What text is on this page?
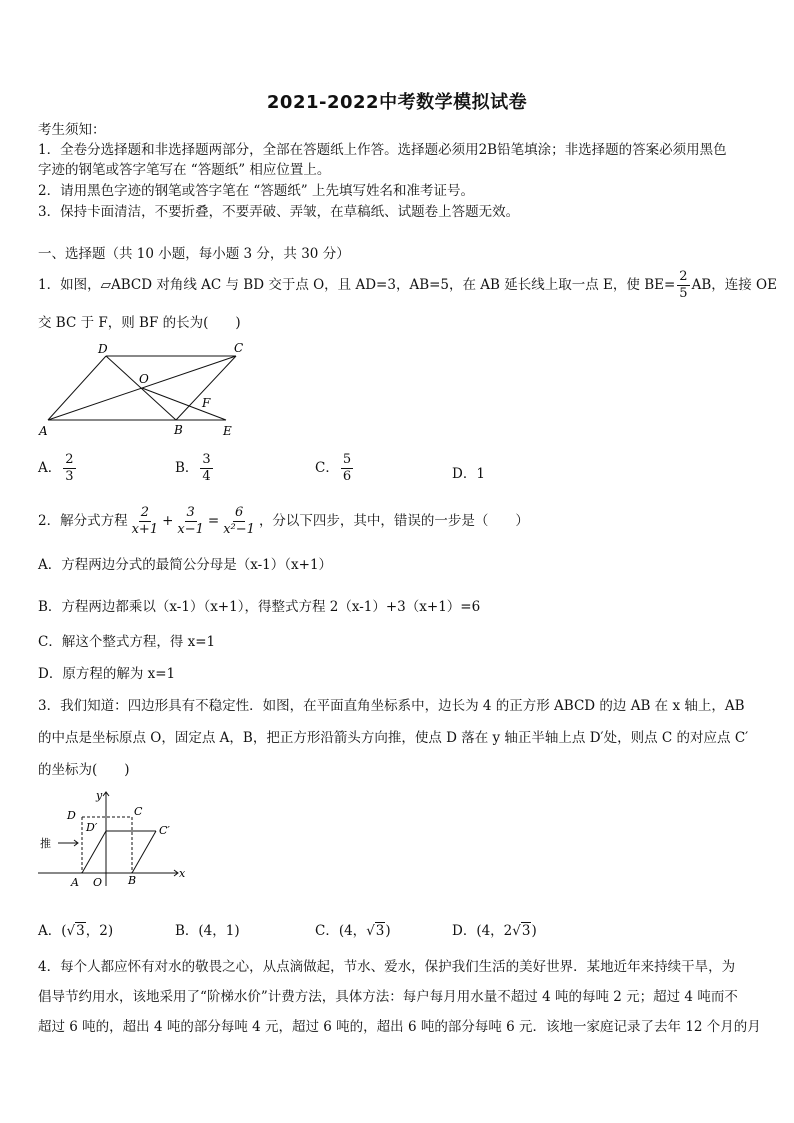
2021-2022中考数学模拟试卷
考生须知：
1．全卷分选择题和非选择题两部分，全部在答题纸上作答。选择题必须用2B铅笔填涂；非选择题的答案必须用黑色
字迹的钢笔或答字笔写在 “答题纸” 相应位置上。
2．请用黑色字迹的钢笔或答字笔在 “答题纸” 上先填写姓名和准考证号。
3．保持卡面清洁，不要折叠，不要弄破、弄皱，在草稿纸、试题卷上答题无效。
一、选择题（共 10 小题，每小题 3 分，共 30 分）
1．如图，▱ABCD 对角线 AC 与 BD 交于点 O，且 AD=3，AB=5，在 AB 延长线上取一点 E，使 $BE= \frac{2}{5}$ AB，连接 OE
交 BC 于 F，则 BF 的长为(　　)
D	C
O
F
A	B	E
A． $\frac{2}{3}$	B． $\frac{3}{4}$	C． $\frac{5}{6}$	D．1
2．解分式方程 $\frac{2}{x+1} + \frac{3}{x-1} = \frac{6}{\text{x²−1}}$ ，分以下四步，其中，错误的一步是（　　）
A．方程两边分式的最简公分母是（x-1）（x+1）
B．方程两边都乘以（x-1）（x+1），得整式方程 2（x-1）+3（x+1）=6
C．解这个整式方程，得 x=1
D．原方程的解为 x=1
3．我们知道：四边形具有不稳定性．如图，在平面直角坐标系中，边长为 4 的正方形 ABCD 的边 AB 在 x 轴上，AB
的中点是坐标原点 O，固定点 A，B，把正方形沿箭头方向推，使点 D 落在 y 轴正半轴上点 D′处，则点 C 的对应点 C′
的坐标为(　　)
y
D	C
D′	C′
推
A O B
x
A．(√3，2)	B．(4，1)	C．(4，√3)	D．(4，2√3)
4．每个人都应怀有对水的敬畏之心，从点滴做起，节水、爱水，保护我们生活的美好世界．某地近年来持续干旱，为
倡导节约用水，该地采用了“阶梯水价”计费方法，具体方法：每户每月用水量不超过 4 吨的每吨 2 元；超过 4 吨而不
超过 6 吨的，超出 4 吨的部分每吨 4 元，超过 6 吨的，超出 6 吨的部分每吨 6 元．该地一家庭记录了去年 12 个月的月
